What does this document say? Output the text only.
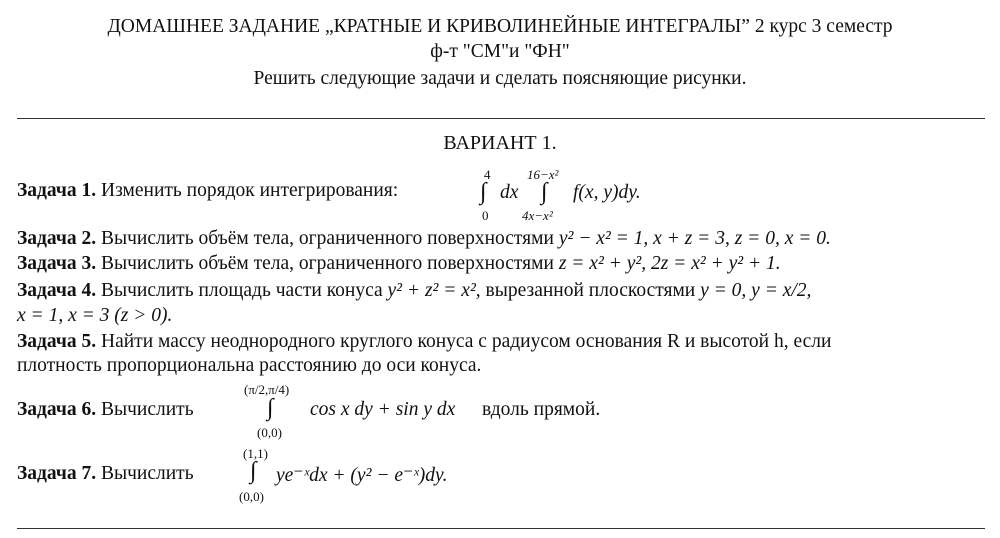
ДОМАШНЕЕ ЗАДАНИЕ „КРАТНЫЕ И КРИВОЛИНЕЙНЫЕ ИНТЕГРАЛЫ” 2 курс 3 семестр
ф-т "СМ"и "ФН"
Решить следующие задачи и сделать поясняющие рисунки.
ВАРИАНТ 1.
Задача 1. Изменить порядок интегрирования:
4
∫
0
dx
16−x²
∫
4x−x²
f(x, y)dy.
Задача 2. Вычислить объём тела, ограниченного поверхностями y² − x² = 1, x + z = 3, z = 0, x = 0.
Задача 3. Вычислить объём тела, ограниченного поверхностями z = x² + y², 2z = x² + y² + 1.
Задача 4. Вычислить площадь части конуса y² + z² = x², вырезанной плоскостями y = 0, y = x/2,
x = 1, x = 3 (z > 0).
Задача 5. Найти массу неоднородного круглого конуса с радиусом основания R и высотой h, если
плотность пропорциональна расстоянию до оси конуса.
Задача 6. Вычислить
(π/2,π/4)
∫
(0,0)
cos x dy + sin y dx вдоль прямой.
Задача 7. Вычислить
(1,1)
∫
(0,0)
ye⁻ˣdx + (y² − e⁻ˣ)dy.
